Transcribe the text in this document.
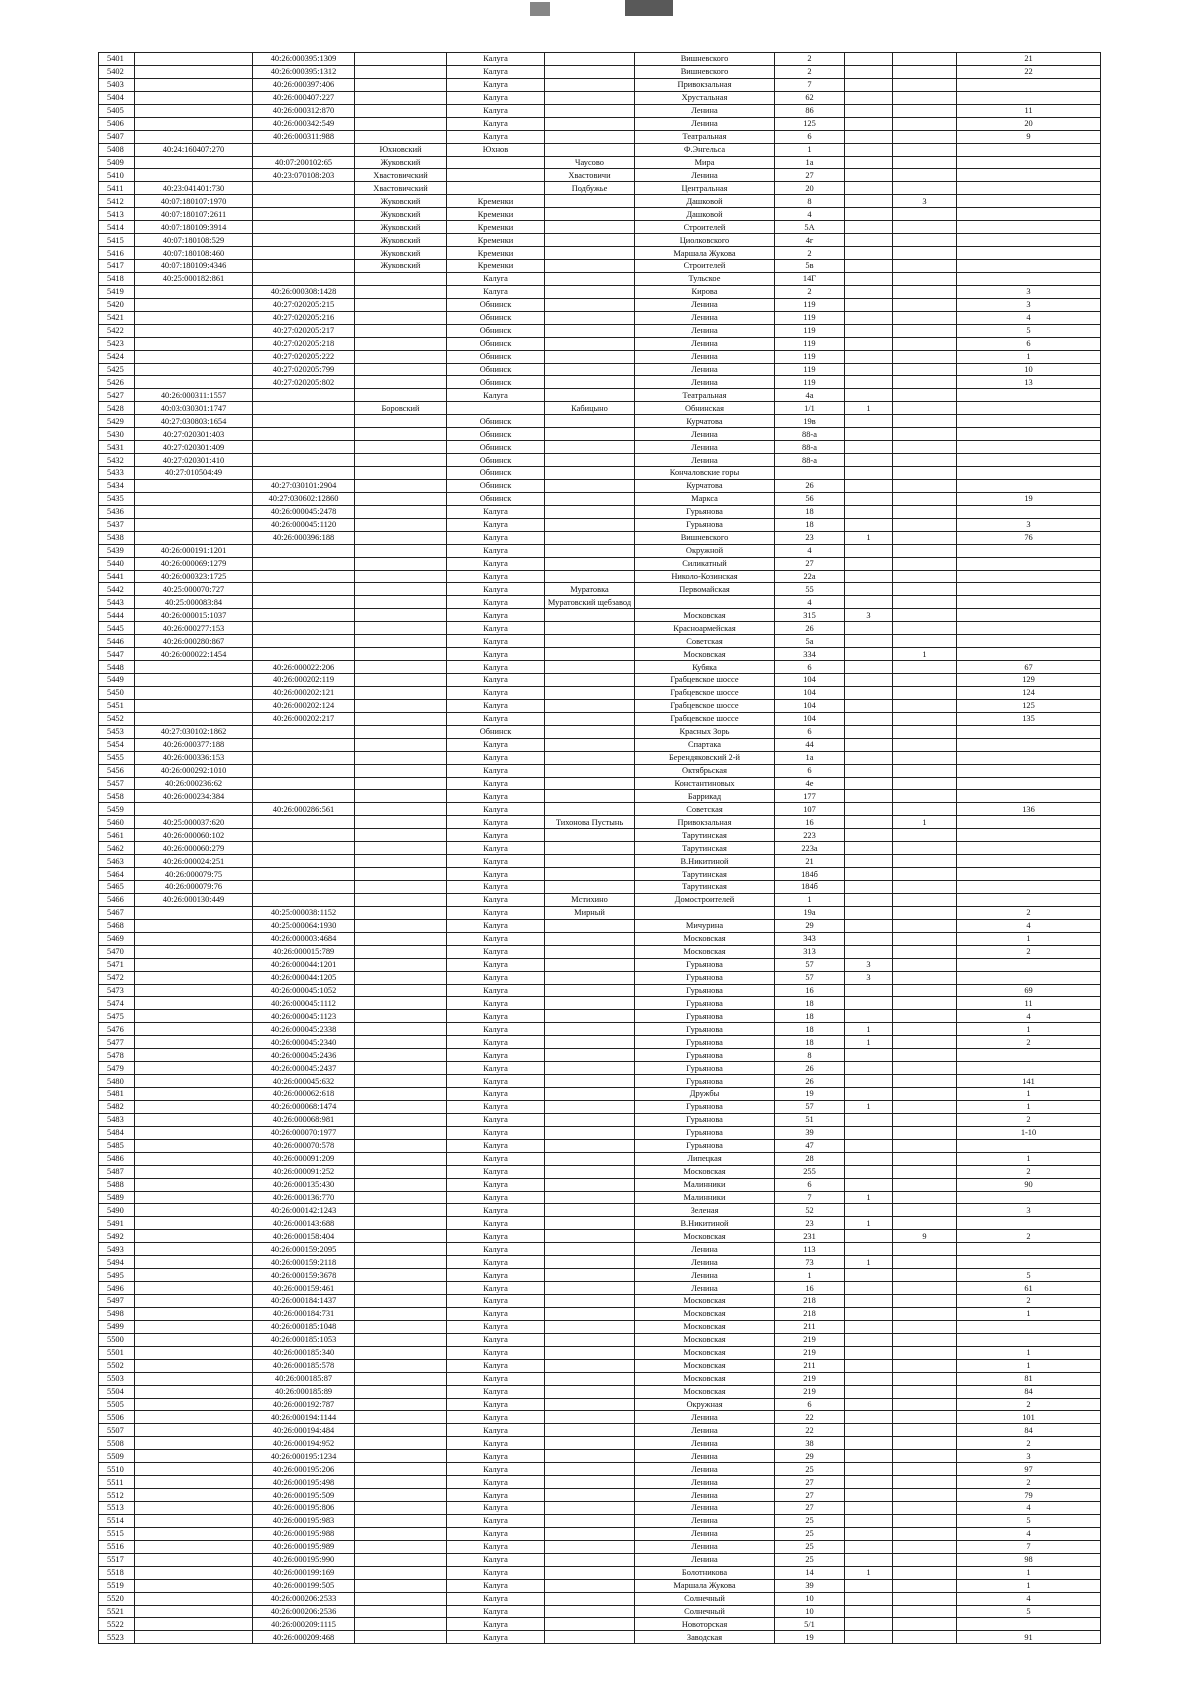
5401		40:26:000395:1309		Калуга		Вишневского	2			21
5402		40:26:000395:1312		Калуга		Вишневского	2			22
5403		40:26:000397:406		Калуга		Привокзальная	7			
5404		40:26:000407:227		Калуга		Хрустальная	62			
5405		40:26:000312:870		Калуга		Ленина	86			11
5406		40:26:000342:549		Калуга		Ленина	125			20
5407		40:26:000311:988		Калуга		Театральная	6			9
5408	40:24:160407:270		Юхновский	Юхнов		Ф.Энгельса	1			
5409		40:07:200102:65	Жуковский		Чаусово	Мира	1а			
5410		40:23:070108:203	Хвастовичский		Хвастовичи	Ленина	27			
5411	40:23:041401:730		Хвастовичский		Подбужье	Центральная	20			
5412	40:07:180107:1970		Жуковский	Кременки		Дашковой	8		3	
5413	40:07:180107:2611		Жуковский	Кременки		Дашковой	4			
5414	40:07:180109:3914		Жуковский	Кременки		Строителей	5А			
5415	40:07:180108:529		Жуковский	Кременки		Циолковского	4г			
5416	40:07:180108:460		Жуковский	Кременки		Маршала Жукова	2			
5417	40:07:180109:4346		Жуковский	Кременки		Строителей	5в			
5418	40:25:000182:861			Калуга		Тульское	14Г			
5419		40:26:000308:1428		Калуга		Кирова	2			3
5420		40:27:020205:215		Обнинск		Ленина	119			3
5421		40:27:020205:216		Обнинск		Ленина	119			4
5422		40:27:020205:217		Обнинск		Ленина	119			5
5423		40:27:020205:218		Обнинск		Ленина	119			6
5424		40:27:020205:222		Обнинск		Ленина	119			1
5425		40:27:020205:799		Обнинск		Ленина	119			10
5426		40:27:020205:802		Обнинск		Ленина	119			13
5427	40:26:000311:1557			Калуга		Театральная	4а			
5428	40:03:030301:1747		Боровский		Кабицыно	Обнинская	1/1	1		
5429	40:27:030803:1654			Обнинск		Курчатова	19в			
5430	40:27:020301:403			Обнинск		Ленина	88-а			
5431	40:27:020301:409			Обнинск		Ленина	88-а			
5432	40:27:020301:410			Обнинск		Ленина	88-а			
5433	40:27:010504:49			Обнинск		Кончаловские горы				
5434		40:27:030101:2904		Обнинск		Курчатова	26			
5435		40:27:030602:12860		Обнинск		Маркса	56			19
5436		40:26:000045:2478		Калуга		Гурьянова	18			
5437		40:26:000045:1120		Калуга		Гурьянова	18			3
5438		40:26:000396:188		Калуга		Вишневского	23	1		76
5439	40:26:000191:1201			Калуга		Окружной	4			
5440	40:26:000069:1279			Калуга		Силикатный	27			
5441	40:26:000323:1725			Калуга		Николо-Козинская	22а			
5442	40:25:000070:727			Калуга	Муратовка	Первомайская	55			
5443	40:25:000083:84			Калуга	Муратовский щебзавод		4			
5444	40:26:000015:1037			Калуга		Московская	315	3		
5445	40:26:000277:153			Калуга		Красноармейская	26			
5446	40:26:000280:867			Калуга		Советская	5а			
5447	40:26:000022:1454			Калуга		Московская	334		1	
5448		40:26:000022:206		Калуга		Кубяка	6			67
5449		40:26:000202:119		Калуга		Грабцевское шоссе	104			129
5450		40:26:000202:121		Калуга		Грабцевское шоссе	104			124
5451		40:26:000202:124		Калуга		Грабцевское шоссе	104			125
5452		40:26:000202:217		Калуга		Грабцевское шоссе	104			135
5453	40:27:030102:1862			Обнинск		Красных Зорь	6			
5454	40:26:000377:188			Калуга		Спартака	44			
5455	40:26:000336:153			Калуга		Берендяковский 2-й	1а			
5456	40:26:000292:1010			Калуга		Октябрьская	6			
5457	40:26:000236:62			Калуга		Константиновых	4е			
5458	40:26:000234:384			Калуга		Баррикад	177			
5459		40:26:000286:561		Калуга		Советская	107			136
5460	40:25:000037:620			Калуга	Тихонова Пустынь	Привокзальная	16		1	
5461	40:26:000060:102			Калуга		Тарутинская	223			
5462	40:26:000060:279			Калуга		Тарутинская	223а			
5463	40:26:000024:251			Калуга		В.Никитиной	21			
5464	40:26:000079:75			Калуга		Тарутинская	184б			
5465	40:26:000079:76			Калуга		Тарутинская	184б			
5466	40:26:000130:449			Калуга	Мстихино	Домостроителей	1			
5467		40:25:000038:1152		Калуга	Мирный		19а			2
5468		40:25:000064:1930		Калуга		Мичурина	29			4
5469		40:26:000003:4684		Калуга		Московская	343			1
5470		40:26:000015:789		Калуга		Московская	313			2
5471		40:26:000044:1201		Калуга		Гурьянова	57	3		
5472		40:26:000044:1205		Калуга		Гурьянова	57	3		
5473		40:26:000045:1052		Калуга		Гурьянова	16			69
5474		40:26:000045:1112		Калуга		Гурьянова	18			11
5475		40:26:000045:1123		Калуга		Гурьянова	18			4
5476		40:26:000045:2338		Калуга		Гурьянова	18	1		1
5477		40:26:000045:2340		Калуга		Гурьянова	18	1		2
5478		40:26:000045:2436		Калуга		Гурьянова	8			
5479		40:26:000045:2437		Калуга		Гурьянова	26			
5480		40:26:000045:632		Калуга		Гурьянова	26			141
5481		40:26:000062:618		Калуга		Дружбы	19			1
5482		40:26:000068:1474		Калуга		Гурьянова	57	1		1
5483		40:26:000068:981		Калуга		Гурьянова	51			2
5484		40:26:000070:1977		Калуга		Гурьянова	39			1-10
5485		40:26:000070:578		Калуга		Гурьянова	47			
5486		40:26:000091:209		Калуга		Липецкая	28			1
5487		40:26:000091:252		Калуга		Московская	255			2
5488		40:26:000135:430		Калуга		Малинники	6			90
5489		40:26:000136:770		Калуга		Малинники	7	1		
5490		40:26:000142:1243		Калуга		Зеленая	52			3
5491		40:26:000143:688		Калуга		В.Никитиной	23	1		
5492		40:26:000158:404		Калуга		Московская	231		9	2
5493		40:26:000159:2095		Калуга		Ленина	113			
5494		40:26:000159:2118		Калуга		Ленина	73	1		
5495		40:26:000159:3678		Калуга		Ленина	1			5
5496		40:26:000159:461		Калуга		Ленина	16			61
5497		40:26:000184:1437		Калуга		Московская	218			2
5498		40:26:000184:731		Калуга		Московская	218			1
5499		40:26:000185:1048		Калуга		Московская	211			
5500		40:26:000185:1053		Калуга		Московская	219			
5501		40:26:000185:340		Калуга		Московская	219			1
5502		40:26:000185:578		Калуга		Московская	211			1
5503		40:26:000185:87		Калуга		Московская	219			81
5504		40:26:000185:89		Калуга		Московская	219			84
5505		40:26:000192:787		Калуга		Окружная	6			2
5506		40:26:000194:1144		Калуга		Ленина	22			101
5507		40:26:000194:484		Калуга		Ленина	22			84
5508		40:26:000194:952		Калуга		Ленина	38			2
5509		40:26:000195:1234		Калуга		Ленина	29			3
5510		40:26:000195:206		Калуга		Ленина	25			97
5511		40:26:000195:498		Калуга		Ленина	27			2
5512		40:26:000195:509		Калуга		Ленина	27			79
5513		40:26:000195:806		Калуга		Ленина	27			4
5514		40:26:000195:983		Калуга		Ленина	25			5
5515		40:26:000195:988		Калуга		Ленина	25			4
5516		40:26:000195:989		Калуга		Ленина	25			7
5517		40:26:000195:990		Калуга		Ленина	25			98
5518		40:26:000199:169		Калуга		Болотникова	14	1		1
5519		40:26:000199:505		Калуга		Маршала Жукова	39			1
5520		40:26:000206:2533		Калуга		Солнечный	10			4
5521		40:26:000206:2536		Калуга		Солнечный	10			5
5522		40:26:000209:1115		Калуга		Новоторская	5/1			
5523		40:26:000209:468		Калуга		Заводская	19			91
